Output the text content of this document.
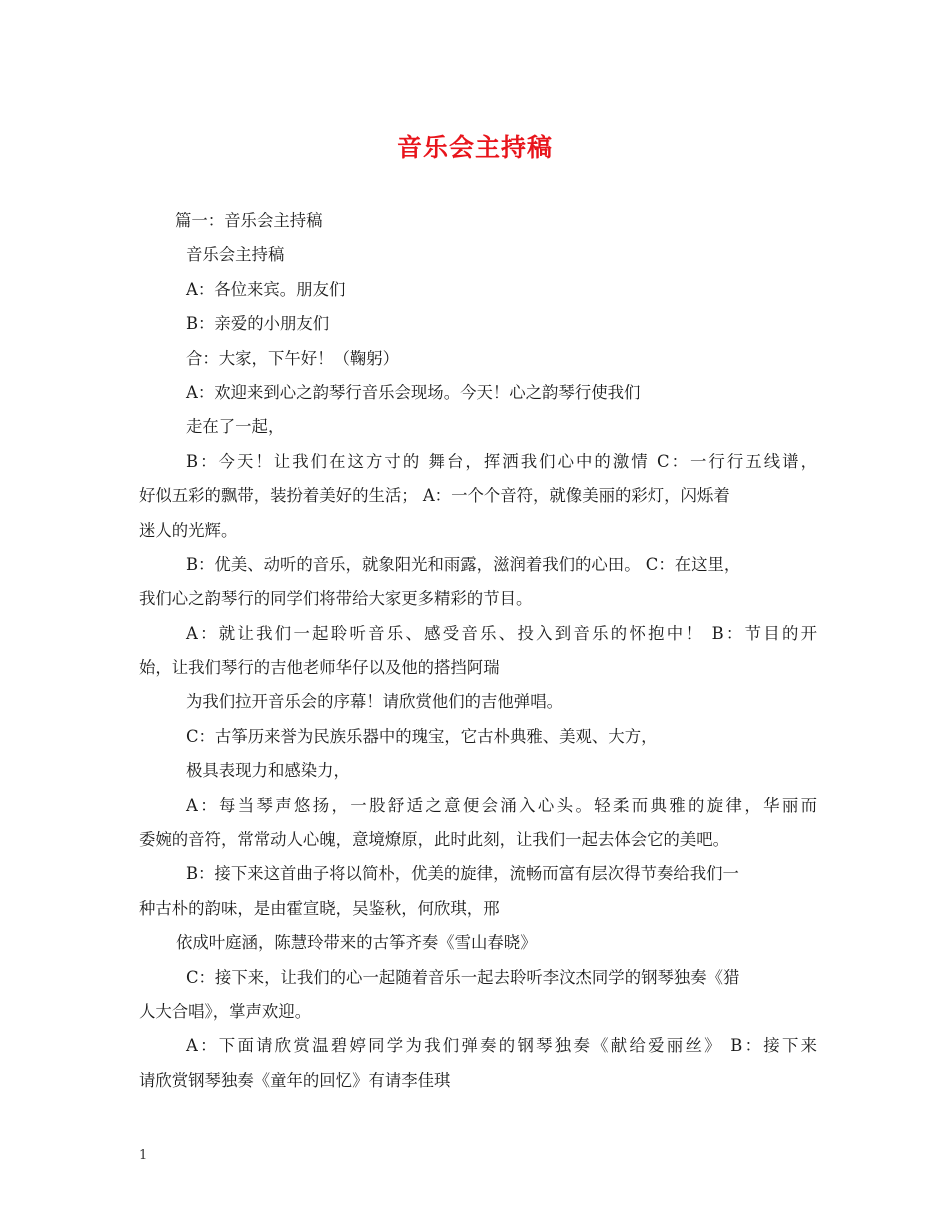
音乐会主持稿
篇一：音乐会主持稿
音乐会主持稿
A：各位来宾。朋友们
B：亲爱的小朋友们
合：大家，下午好！（鞠躬）
A：欢迎来到心之韵琴行音乐会现场。今天！心之韵琴行使我们
走在了一起，
B：今天！让我们在这方寸的 舞台，挥洒我们心中的激情 C：一行行五线谱，
好似五彩的飘带，装扮着美好的生活； A：一个个音符，就像美丽的彩灯，闪烁着
迷人的光辉。
B：优美、动听的音乐，就象阳光和雨露，滋润着我们的心田。 C：在这里，
我们心之韵琴行的同学们将带给大家更多精彩的节目。
A：就让我们一起聆听音乐、感受音乐、投入到音乐的怀抱中！ B：节目的开
始，让我们琴行的吉他老师华仔以及他的搭挡阿瑞
为我们拉开音乐会的序幕！请欣赏他们的吉他弹唱。
C：古筝历来誉为民族乐器中的瑰宝，它古朴典雅、美观、大方，
极具表现力和感染力，
A：每当琴声悠扬，一股舒适之意便会涌入心头。轻柔而典雅的旋律，华丽而
委婉的音符，常常动人心魄，意境燎原，此时此刻，让我们一起去体会它的美吧。
B：接下来这首曲子将以简朴，优美的旋律，流畅而富有层次得节奏给我们一
种古朴的韵味，是由霍宣晓，吴鉴秋，何欣琪，邢
依成叶庭涵，陈慧玲带来的古筝齐奏《雪山春晓》
C：接下来，让我们的心一起随着音乐一起去聆听李汶杰同学的钢琴独奏《猎
人大合唱》，掌声欢迎。
A：下面请欣赏温碧婷同学为我们弹奏的钢琴独奏《献给爱丽丝》 B：接下来
请欣赏钢琴独奏《童年的回忆》有请李佳琪
1
